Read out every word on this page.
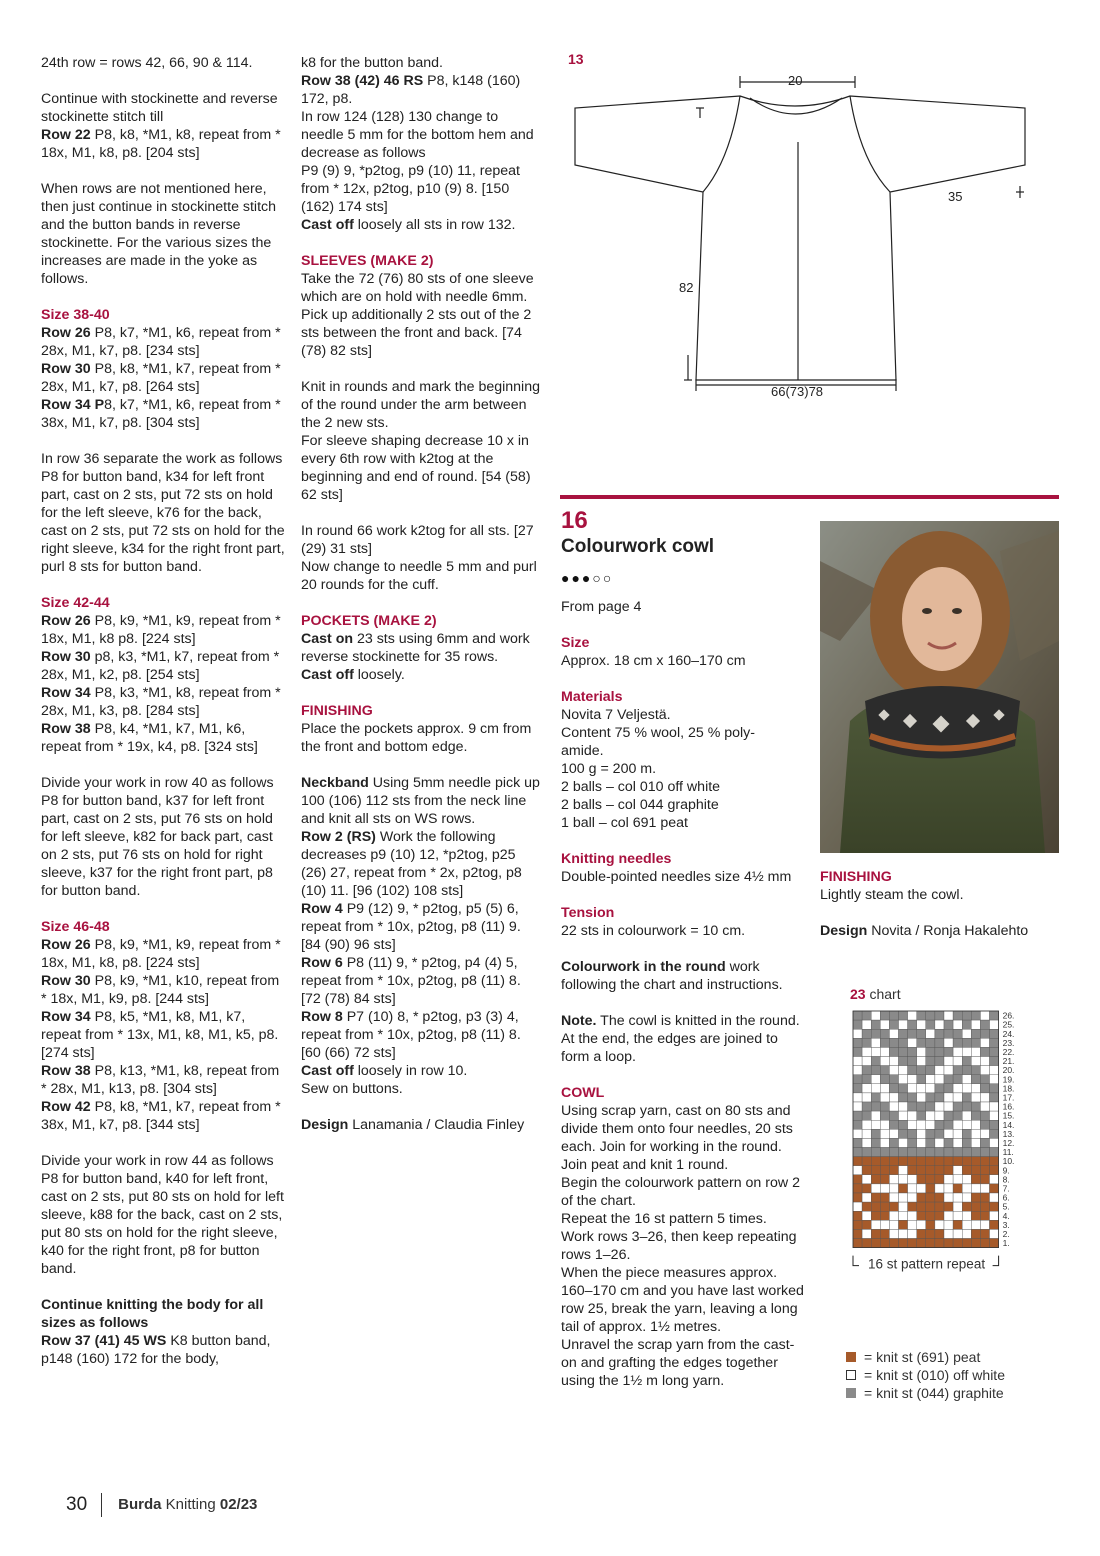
24th row = rows 42, 66, 90 & 114.

Continue with stockinette and reverse stockinette stitch till
Row 22 P8, k8, *M1, k8, repeat from * 18x, M1, k8, p8. [204 sts]

When rows are not mentioned here, then just continue in stockinette stitch and the button bands in reverse stockinette. For the various sizes the increases are made in the yoke as follows.

Size 38-40
Row 26 P8, k7, *M1, k6, repeat from * 28x, M1, k7, p8. [234 sts]
Row 30 P8, k8, *M1, k7, repeat from * 28x, M1, k7, p8. [264 sts]
Row 34 P8, k7, *M1, k6, repeat from * 38x, M1, k7, p8. [304 sts]

In row 36 separate the work as follows
P8 for button band, k34 for left front part, cast on 2 sts, put 72 sts on hold for the left sleeve, k76 for the back, cast on 2 sts, put 72 sts on hold for the right sleeve, k34 for the right front part, purl 8 sts for button band.

Size 42-44
Row 26 P8, k9, *M1, k9, repeat from * 18x, M1, k8 p8. [224 sts]
Row 30 p8, k3, *M1, k7, repeat from * 28x, M1, k2, p8. [254 sts]
Row 34 P8, k3, *M1, k8, repeat from * 28x, M1, k3, p8. [284 sts]
Row 38 P8, k4, *M1, k7, M1, k6, repeat from * 19x, k4, p8. [324 sts]

Divide your work in row 40 as follows
P8 for button band, k37 for left front part, cast on 2 sts, put 76 sts on hold for left sleeve, k82 for back part, cast on 2 sts, put 76 sts on hold for right sleeve, k37 for the right front part, p8 for button band.

Size 46-48
Row 26 P8, k9, *M1, k9, repeat from * 18x, M1, k8, p8. [224 sts]
Row 30 P8, k9, *M1, k10, repeat from * 18x, M1, k9, p8. [244 sts]
Row 34 P8, k5, *M1, k8, M1, k7, repeat from * 13x, M1, k8, M1, k5, p8. [274 sts]
Row 38 P8, k13, *M1, k8, repeat from * 28x, M1, k13, p8. [304 sts]
Row 42 P8, k8, *M1, k7, repeat from * 38x, M1, k7, p8. [344 sts]

Divide your work in row 44 as follows
P8 for button band, k40 for left front, cast on 2 sts, put 80 sts on hold for left sleeve, k88 for the back, cast on 2 sts, put 80 sts on hold for the right sleeve, k40 for the right front, p8 for button band.

Continue knitting the body for all sizes as follows
Row 37 (41) 45 WS K8 button band, p148 (160) 172 for the body,

k8 for the button band.
Row 38 (42) 46 RS P8, k148 (160) 172, p8.
In row 124 (128) 130 change to needle 5 mm for the bottom hem and decrease as follows
P9 (9) 9, *p2tog, p9 (10) 11, repeat from * 12x, p2tog, p10 (9) 8. [150 (162) 174 sts]
Cast off loosely all sts in row 132.

SLEEVES (MAKE 2)
Take the 72 (76) 80 sts of one sleeve which are on hold with needle 6mm. Pick up additionally 2 sts out of the 2 sts between the front and back. [74 (78) 82 sts]

Knit in rounds and mark the beginning of the round under the arm between the 2 new sts.
For sleeve shaping decrease 10 x in every 6th row with k2tog at the beginning and end of round. [54 (58) 62 sts]

In round 66 work k2tog for all sts. [27 (29) 31 sts]
Now change to needle 5 mm and purl 20 rounds for the cuff.

POCKETS (MAKE 2)
Cast on 23 sts using 6mm and work reverse stockinette for 35 rows.
Cast off loosely.

FINISHING
Place the pockets approx. 9 cm from the front and bottom edge.

Neckband Using 5mm needle pick up 100 (106) 112 sts from the neck line and knit all sts on WS rows.
Row 2 (RS) Work the following decreases p9 (10) 12, *p2tog, p25 (26) 27, repeat from * 2x, p2tog, p8 (10) 11. [96 (102) 108 sts]
Row 4 P9 (12) 9, * p2tog, p5 (5) 6, repeat from * 10x, p2tog, p8 (11) 9. [84 (90) 96 sts]
Row 6 P8 (11) 9, * p2tog, p4 (4) 5, repeat from * 10x, p2tog, p8 (11) 8. [72 (78) 84 sts]
Row 8 P7 (10) 8, * p2tog, p3 (3) 4, repeat from * 10x, p2tog, p8 (11) 8. [60 (66) 72 sts]
Cast off loosely in row 10.
Sew on buttons.

Design Lanamania / Claudia Finley

13
20
35
82
66(73)78
16
Colourwork cowl
●●●○○

From page 4

Size
Approx. 18 cm x 160–170 cm

Materials
Novita 7 Veljestä.
Content 75 % wool, 25 % poly-
amide.
100 g = 200 m.
2 balls – col 010 off white
2 balls – col 044 graphite
1 ball – col 691 peat

Knitting needles
Double-pointed needles size 4½ mm

Tension
22 sts in colourwork = 10 cm.

Colourwork in the round work following the chart and instructions.

Note. The cowl is knitted in the round. At the end, the edges are joined to form a loop.

COWL
Using scrap yarn, cast on 80 sts and divide them onto four needles, 20 sts each. Join for working in the round.
Join peat and knit 1 round.
Begin the colourwork pattern on row 2 of the chart.
Repeat the 16 st pattern 5 times.
Work rows 3–26, then keep repeating rows 1–26.
When the piece measures approx. 160–170 cm and you have last worked row 25, break the yarn, leaving a long tail of approx. 1½ metres.
Unravel the scrap yarn from the cast-on and grafting the edges together using the 1½ m long yarn.

FINISHING
Lightly steam the cowl.

Design Novita / Ronja Hakalehto

23 chart
26.
25.
24.
23.
22.
21.
20.
19.
18.
17.
16.
15.
14.
13.
12.
11.
10.
9.
8.
7.
6.
5.
4.
3.
2.
1.
16 st pattern repeat
= knit st (691) peat
= knit st (010) off white
= knit st (044) graphite
30 Burda Knitting 02/23
